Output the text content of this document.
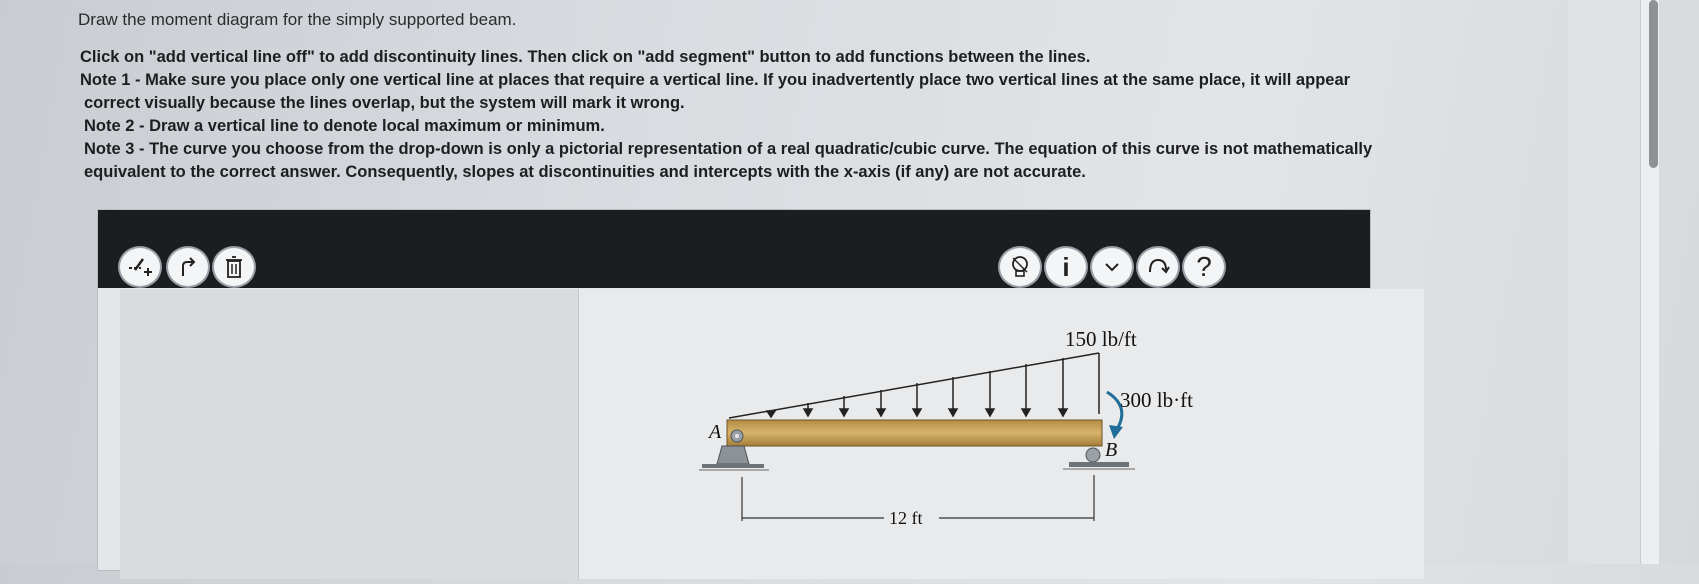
Draw the moment diagram for the simply supported beam.
Click on "add vertical line off" to add discontinuity lines. Then click on "add segment" button to add functions between the lines.
Note 1 - Make sure you place only one vertical line at places that require a vertical line. If you inadvertently place two vertical lines at the same place, it will appear
correct visually because the lines overlap, but the system will mark it wrong.
Note 2 - Draw a vertical line to denote local maximum or minimum.
Note 3 - The curve you choose from the drop-down is only a pictorial representation of a real quadratic/cubic curve. The equation of this curve is not mathematically
equivalent to the correct answer. Consequently, slopes at discontinuities and intercepts with the x-axis (if any) are not accurate.
i	?
150 lb/ft
300 lb·ft
A
B
12 ft
